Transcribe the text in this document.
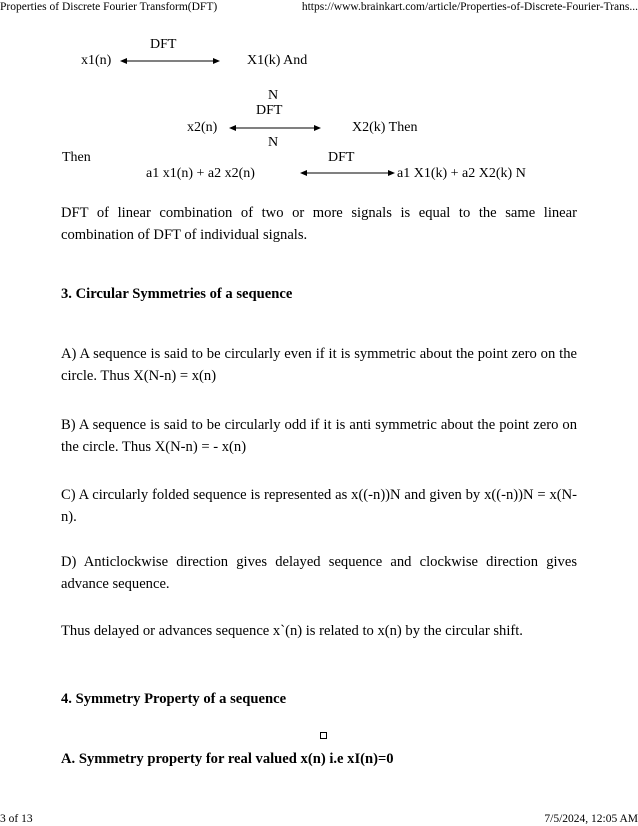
Properties of Discrete Fourier Transform(DFT)	https://www.brainkart.com/article/Properties-of-Discrete-Fourier-Trans...
DFT
x1(n)	X1(k) And
N
DFT
x2(n)	X2(k) Then
N
Then	DFT
a1 x1(n) + a2 x2(n)	a1 X1(k) + a2 X2(k) N
DFT of linear combination of two or more signals is equal to the same linear combination of DFT of individual signals.
3. Circular Symmetries of a sequence
A) A sequence is said to be circularly even if it is symmetric about the point zero on the circle. Thus X(N-n) = x(n)
B) A sequence is said to be circularly odd if it is anti symmetric about the point zero on the circle. Thus X(N-n) = - x(n)
C) A circularly folded sequence is represented as x((-n))N and given by x((-n))N = x(N-n).
D) Anticlockwise direction gives delayed sequence and clockwise direction gives advance sequence.
Thus delayed or advances sequence x`(n) is related to x(n) by the circular shift.
4. Symmetry Property of a sequence
A. Symmetry property for real valued x(n) i.e xI(n)=0
3 of 13	7/5/2024, 12:05 AM
